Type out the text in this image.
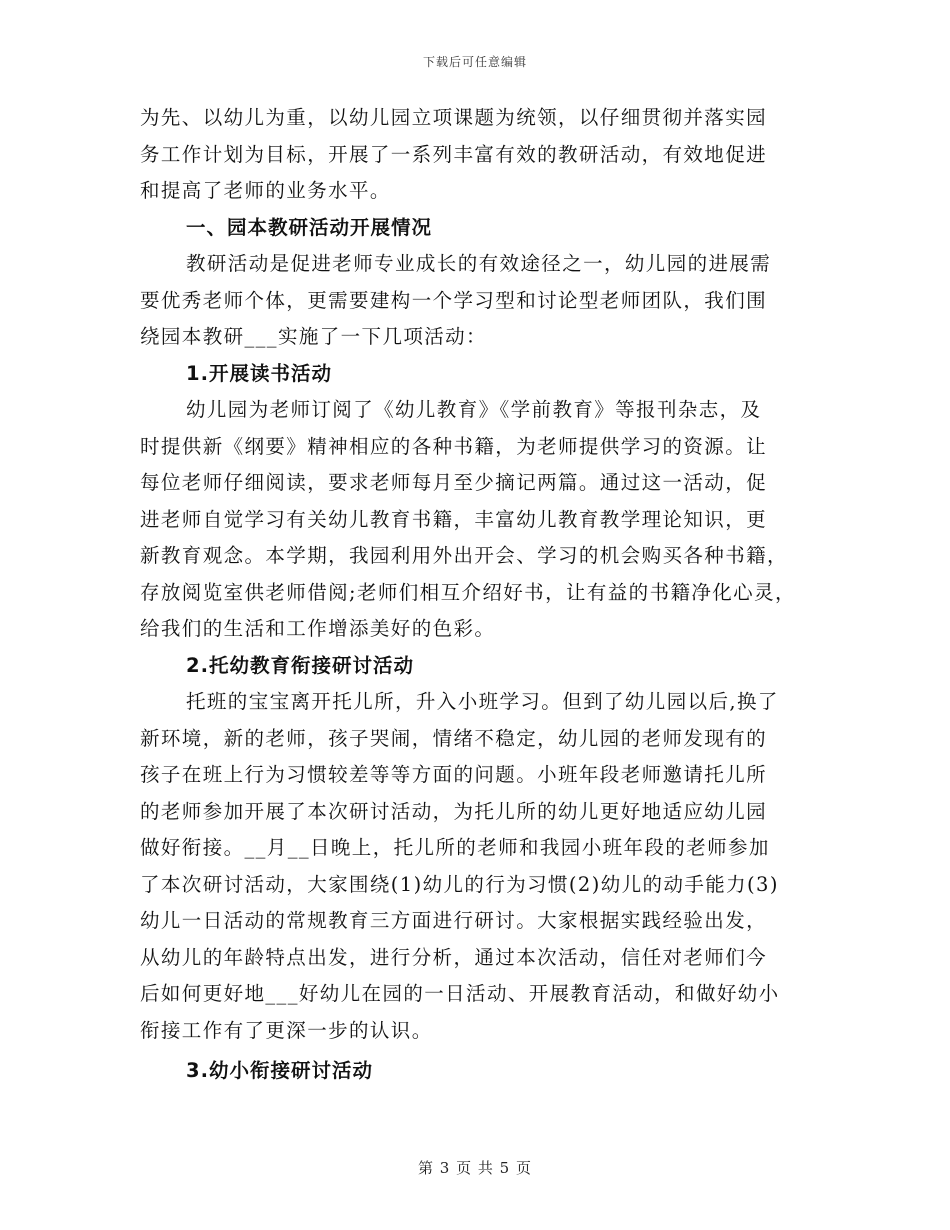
下载后可任意编辑
为先、以幼儿为重，以幼儿园立项课题为统领，以仔细贯彻并落实园
务工作计划为目标，开展了一系列丰富有效的教研活动，有效地促进
和提高了老师的业务水平。
一、园本教研活动开展情况
教研活动是促进老师专业成长的有效途径之一，幼儿园的进展需
要优秀老师个体，更需要建构一个学习型和讨论型老师团队，我们围
绕园本教研___实施了一下几项活动：
1.开展读书活动
幼儿园为老师订阅了《幼儿教育》《学前教育》等报刊杂志，及
时提供新《纲要》精神相应的各种书籍，为老师提供学习的资源。让
每位老师仔细阅读，要求老师每月至少摘记两篇。通过这一活动，促
进老师自觉学习有关幼儿教育书籍，丰富幼儿教育教学理论知识，更
新教育观念。本学期，我园利用外出开会、学习的机会购买各种书籍，
存放阅览室供老师借阅;老师们相互介绍好书，让有益的书籍净化心灵，
给我们的生活和工作增添美好的色彩。
2.托幼教育衔接研讨活动
托班的宝宝离开托儿所，升入小班学习。但到了幼儿园以后,换了
新环境，新的老师，孩子哭闹，情绪不稳定，幼儿园的老师发现有的
孩子在班上行为习惯较差等等方面的问题。小班年段老师邀请托儿所
的老师参加开展了本次研讨活动，为托儿所的幼儿更好地适应幼儿园
做好衔接。__月__日晚上，托儿所的老师和我园小班年段的老师参加
了本次研讨活动，大家围绕(1)幼儿的行为习惯(2)幼儿的动手能力(3)
幼儿一日活动的常规教育三方面进行研讨。大家根据实践经验出发，
从幼儿的年龄特点出发，进行分析，通过本次活动，信任对老师们今
后如何更好地___好幼儿在园的一日活动、开展教育活动，和做好幼小
衔接工作有了更深一步的认识。
3.幼小衔接研讨活动
第 3 页 共 5 页
